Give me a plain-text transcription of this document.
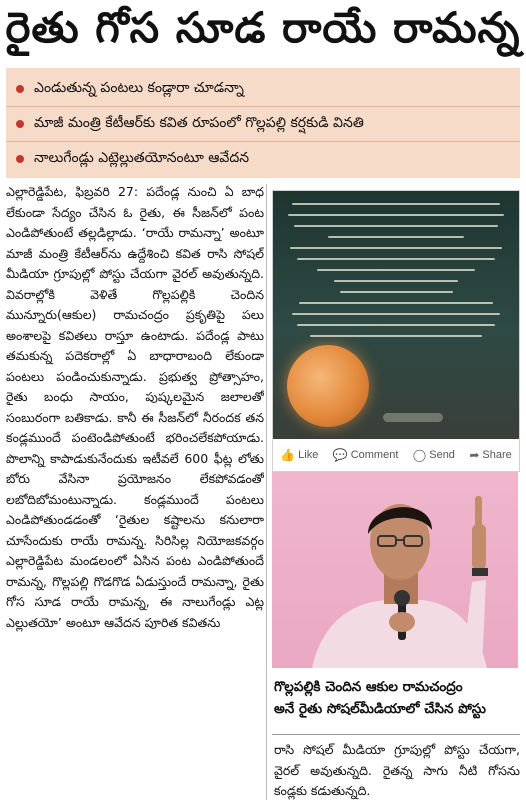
రైతు గోస సూడ రాయే రామన్న
ఎండుతున్న పంటలు కండ్లారా చూడన్నా
మాజీ మంత్రి కేటీఆర్‌కు కవిత రూపంలో గొల్లపల్లి కర్షకుడి వినతి
నాలుగేండ్లు ఎట్లెల్లుతయోనంటూ ఆవేదన
ఎల్లారెడ్డిపేట, ఫిబ్రవరి 27: పదేండ్ల నుంచి ఏ బాధ లేకుండా సేద్యం చేసిన ఓ రైతు, ఈ సీజన్‌లో పంట ఎండిపోతుంటే తల్లడిల్లాడు. ‘రాయే రామన్నా’ అంటూ మాజీ మంత్రి కేటీఆర్‌ను ఉద్దేశించి కవిత రాసి సోషల్ మీడియా గ్రూపుల్లో పోస్టు చేయగా వైరల్ అవుతున్నది. వివరాల్లోకి వెళితే గొల్లపల్లికి చెందిన మున్నూరు(ఆకుల) రామచంద్రం ప్రకృతిపై పలు అంశాలపై కవితలు రాస్తూ ఉంటాడు. పదేండ్ల పాటు తమకున్న పదెకరాల్లో ఏ బాధారాబంది లేకుండా పంటలు పండించుకున్నాడు. ప్రభుత్వ ప్రోత్సాహం, రైతు బంధు సాయం, పుష్కలమైన జలాలతో సంబురంగా బతికాడు. కానీ ఈ సీజన్‌లో నీరందక తన కండ్లముందే పంటెండిపోతుంటే భరించలేకపోయాడు. పొలాన్ని కాపాడుకునేందుకు ఇటీవలే 600 ఫీట్ల లోతు బోరు వేసినా ప్రయోజనం లేకపోవడంతో లబోదిబోమంటున్నాడు. కండ్లముందే పంటలు ఎండిపోతుండడంతో ‘రైతుల కష్టాలను కనులారా చూసేందుకు రాయే రామన్న. సిరిసిల్ల నియోజకవర్గం ఎల్లారెడ్డిపేట మండలంలో ఏసిన పంట ఎండిపోతుందే రామన్న, గొల్లపల్లి గొడగొడ ఏడుస్తుందే రామన్నా, రైతు గోస సూడ రాయే రామన్న, ఈ నాలుగేండ్లు ఎట్ల ఎల్లుతయో’ అంటూ ఆవేదన పూరిత కవితను
👍 Like 💬 Comment ◯ Send ➦ Share
గొల్లపల్లికి చెందిన ఆకుల రామచంద్రం
అనే రైతు సోషల్‌మీడియాలో చేసిన పోస్టు
రాసి సోషల్ మీడియా గ్రూపుల్లో పోస్టు చేయగా, వైరల్ అవుతున్నది. రైతన్న సాగు నీటి గోసను కండ్లకు కడుతున్నది.
